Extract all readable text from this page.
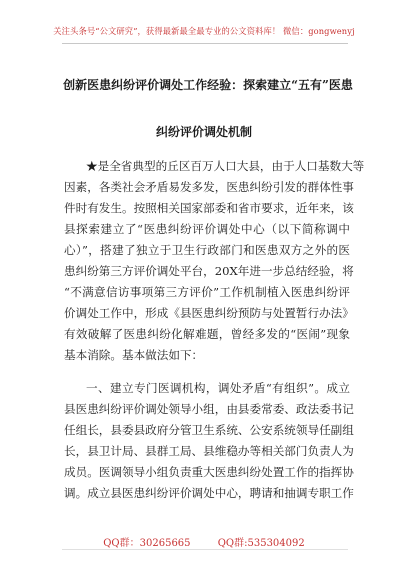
关注头条号“公文研究”，获得最新最全最专业的公文资料库！ 微信：gongwenyj
创新医患纠纷评价调处工作经验：探索建立“五有”医患
纠纷评价调处机制
★是全省典型的丘区百万人口大县，由于人口基数大等
因素，各类社会矛盾易发多发，医患纠纷引发的群体性事
件时有发生。按照相关国家部委和省市要求，近年来，该
县探索建立了“医患纠纷评价调处中心（以下简称调中
心）”，搭建了独立于卫生行政部门和医患双方之外的医
患纠纷第三方评价调处平台，20X年进一步总结经验，将
“不满意信访事项第三方评价”工作机制植入医患纠纷评
价调处工作中，形成《县医患纠纷预防与处置暂行办法》
有效破解了医患纠纷化解难题，曾经多发的“医闹”现象
基本消除。基本做法如下：
一、建立专门医调机构，调处矛盾“有组织”。成立
县医患纠纷评价调处领导小组，由县委常委、政法委书记
任组长，县委县政府分管卫生系统、公安系统领导任副组
长，县卫计局、县群工局、县维稳办等相关部门负责人为
成员。医调领导小组负责重大医患纠纷处置工作的指挥协
调。成立县医患纠纷评价调处中心，聘请和抽调专职工作
QQ群：30265665	QQ群:535304092
